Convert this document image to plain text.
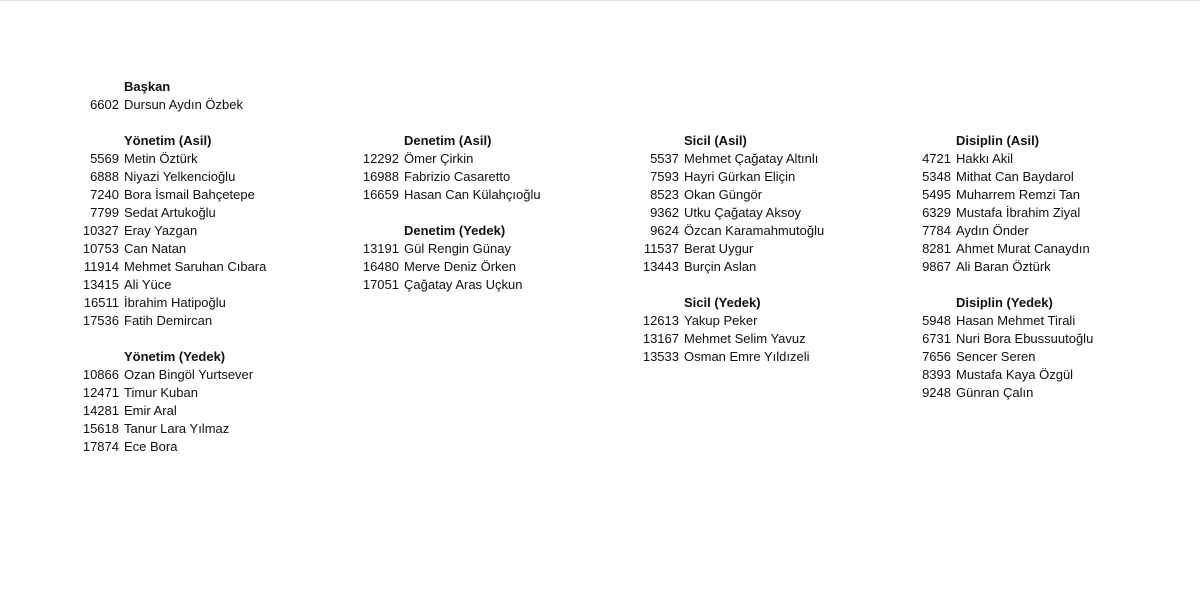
Başkan
6602 Dursun Aydın Özbek
Yönetim (Asil)
5569 Metin Öztürk
6888 Niyazi Yelkencioğlu
7240 Bora İsmail Bahçetepe
7799 Sedat Artukoğlu
10327 Eray Yazgan
10753 Can Natan
11914 Mehmet Saruhan Cıbara
13415 Ali Yüce
16511 İbrahim Hatipoğlu
17536 Fatih Demircan
Yönetim (Yedek)
10866 Ozan Bingöl Yurtsever
12471 Timur Kuban
14281 Emir Aral
15618 Tanur Lara Yılmaz
17874 Ece Bora
Denetim (Asil)
12292 Ömer Çirkin
16988 Fabrizio Casaretto
16659 Hasan Can Külahçıoğlu
Denetim (Yedek)
13191 Gül Rengin Günay
16480 Merve Deniz Örken
17051 Çağatay Aras Uçkun
Sicil (Asil)
5537 Mehmet Çağatay Altınlı
7593 Hayri Gürkan Eliçin
8523 Okan Güngör
9362 Utku Çağatay Aksoy
9624 Özcan Karamahmutoğlu
11537 Berat Uygur
13443 Burçin Aslan
Sicil (Yedek)
12613 Yakup Peker
13167 Mehmet Selim Yavuz
13533 Osman Emre Yıldızeli
Disiplin (Asil)
4721 Hakkı Akil
5348 Mithat Can Baydarol
5495 Muharrem Remzi Tan
6329 Mustafa İbrahim Ziyal
7784 Aydın Önder
8281 Ahmet Murat Canaydın
9867 Ali Baran Öztürk
Disiplin (Yedek)
5948 Hasan Mehmet Tirali
6731 Nuri Bora Ebussuutoğlu
7656 Sencer Seren
8393 Mustafa Kaya Özgül
9248 Günran Çalın
